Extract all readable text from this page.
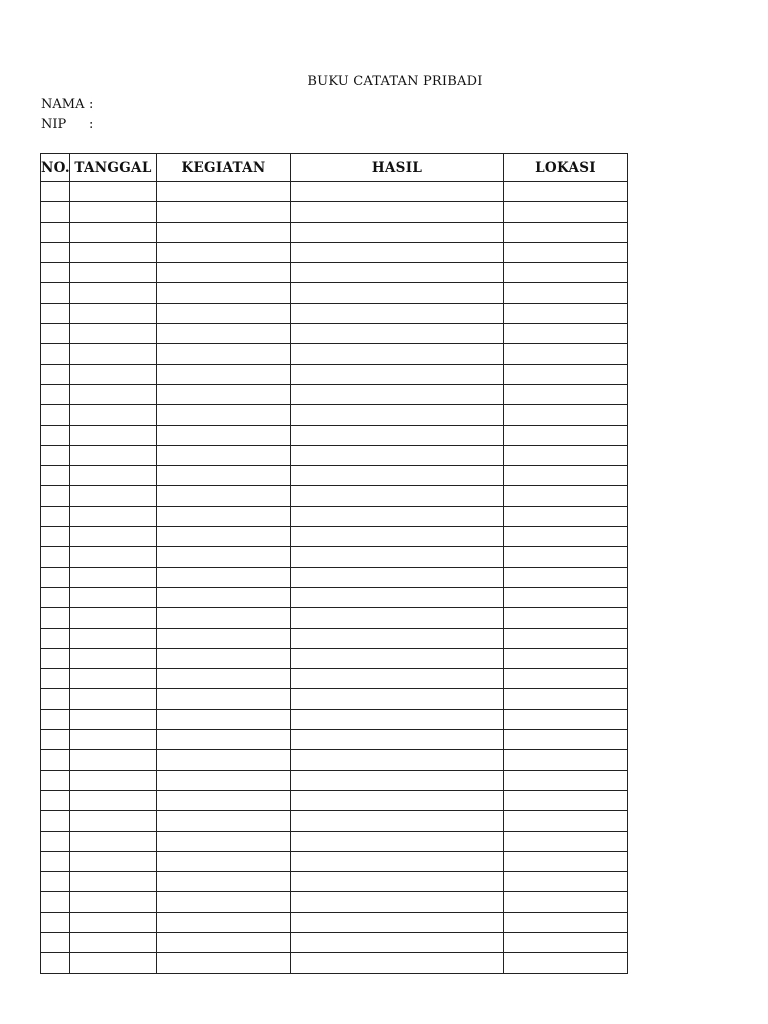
BUKU CATATAN PRIBADI
NAMA :
NIP :
NO.	TANGGAL	KEGIATAN	HASIL	LOKASI
